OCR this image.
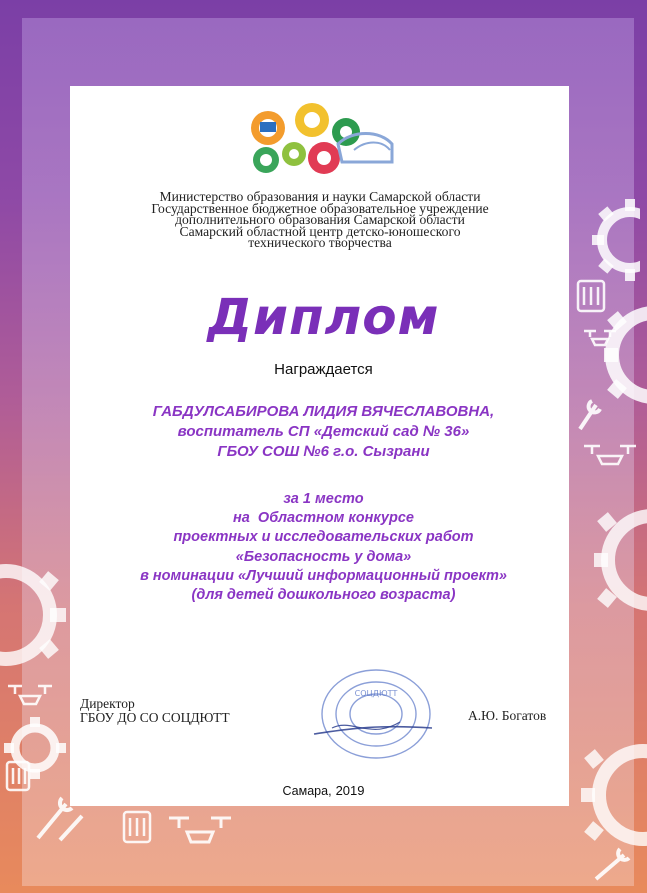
Министерство образования и науки Самарской области
Государственное бюджетное образовательное учреждение
дополнительного образования Самарской области
Самарский областной центр детско-юношеского
технического творчества
Диплом
Награждается
ГАБДУЛСАБИРОВА ЛИДИЯ ВЯЧЕСЛАВОВНА,
воспитатель СП «Детский сад № 36»
ГБОУ СОШ №6 г.о. Сызрани
за 1 место
на  Областном конкурсе
проектных и исследовательских работ
«Безопасность у дома»
в номинации «Лучший информационный проект»
(для детей дошкольного возраста)
Директор
ГБОУ ДО СО СОЦДЮТТ
СОЦДЮТТ
А.Ю. Богатов
Самара, 2019
